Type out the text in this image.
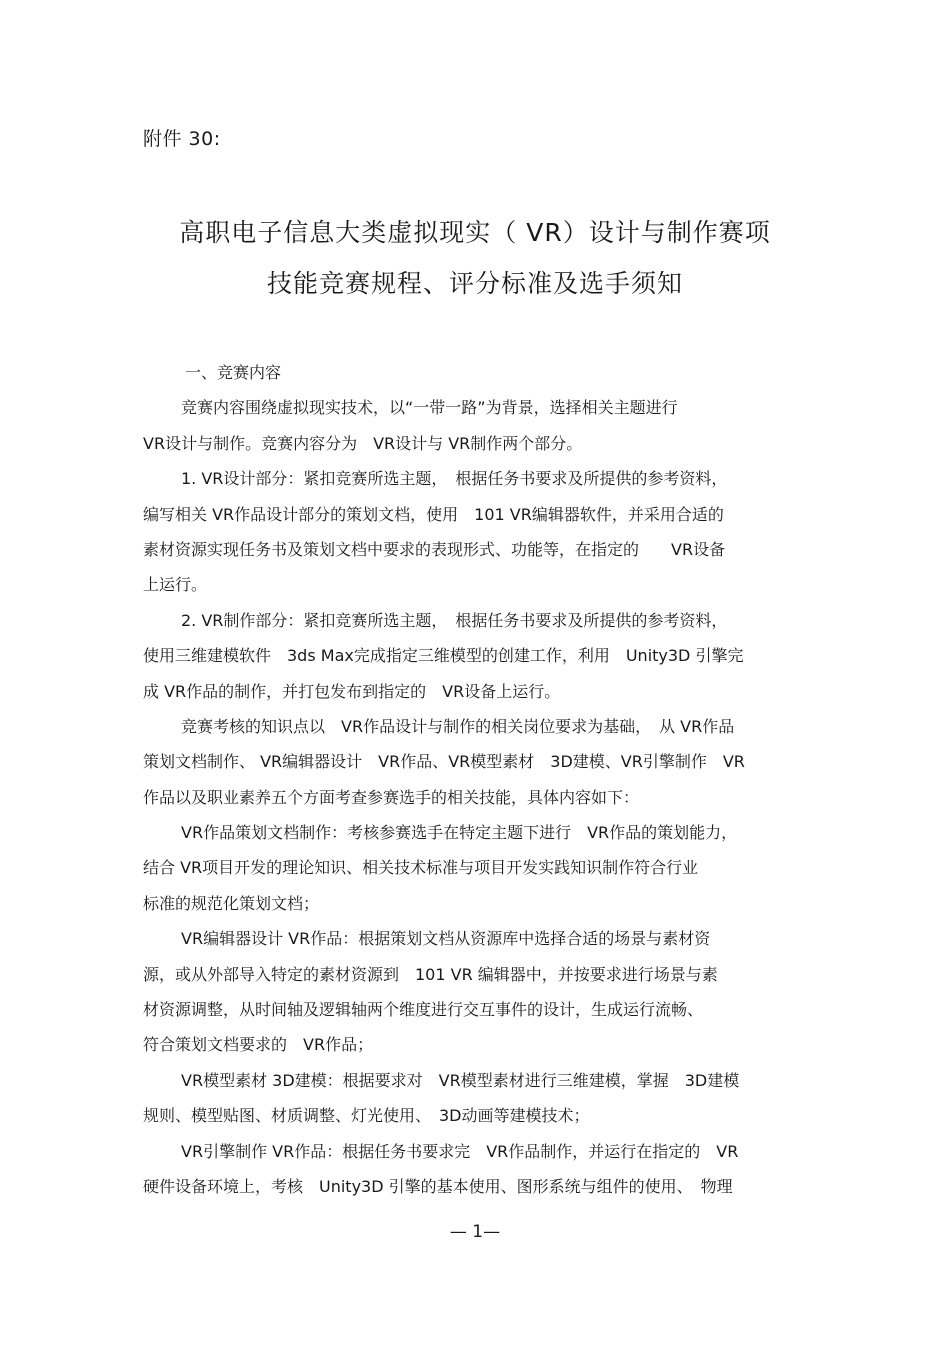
附件 30:
高职电子信息大类虚拟现实（ VR）设计与制作赛项
技能竞赛规程、评分标准及选手须知
一、竞赛内容
竞赛内容围绕虚拟现实技术，以“一带一路”为背景，选择相关主题进行
VR设计与制作。竞赛内容分为　VR设计与 VR制作两个部分。
1. VR设计部分：紧扣竞赛所选主题，　根据任务书要求及所提供的参考资料，
编写相关 VR作品设计部分的策划文档，使用　101 VR编辑器软件，并采用合适的
素材资源实现任务书及策划文档中要求的表现形式、功能等，在指定的　　VR设备
上运行。
2. VR制作部分：紧扣竞赛所选主题，　根据任务书要求及所提供的参考资料，
使用三维建模软件　3ds Max完成指定三维模型的创建工作，利用　Unity3D 引擎完
成 VR作品的制作，并打包发布到指定的　VR设备上运行。
竞赛考核的知识点以　VR作品设计与制作的相关岗位要求为基础，　从 VR作品
策划文档制作、 VR编辑器设计　VR作品、VR模型素材　3D建模、VR引擎制作　VR
作品以及职业素养五个方面考查参赛选手的相关技能，具体内容如下：
VR作品策划文档制作：考核参赛选手在特定主题下进行　VR作品的策划能力，
结合 VR项目开发的理论知识、相关技术标准与项目开发实践知识制作符合行业
标准的规范化策划文档；
VR编辑器设计 VR作品：根据策划文档从资源库中选择合适的场景与素材资
源，或从外部导入特定的素材资源到　101 VR 编辑器中，并按要求进行场景与素
材资源调整，从时间轴及逻辑轴两个维度进行交互事件的设计，生成运行流畅、
符合策划文档要求的　VR作品；
VR模型素材 3D建模：根据要求对　VR模型素材进行三维建模，掌握　3D建模
规则、模型贴图、材质调整、灯光使用、　3D动画等建模技术；
VR引擎制作 VR作品：根据任务书要求完　VR作品制作，并运行在指定的　VR
硬件设备环境上，考核　Unity3D 引擎的基本使用、图形系统与组件的使用、　物理
— 1—
